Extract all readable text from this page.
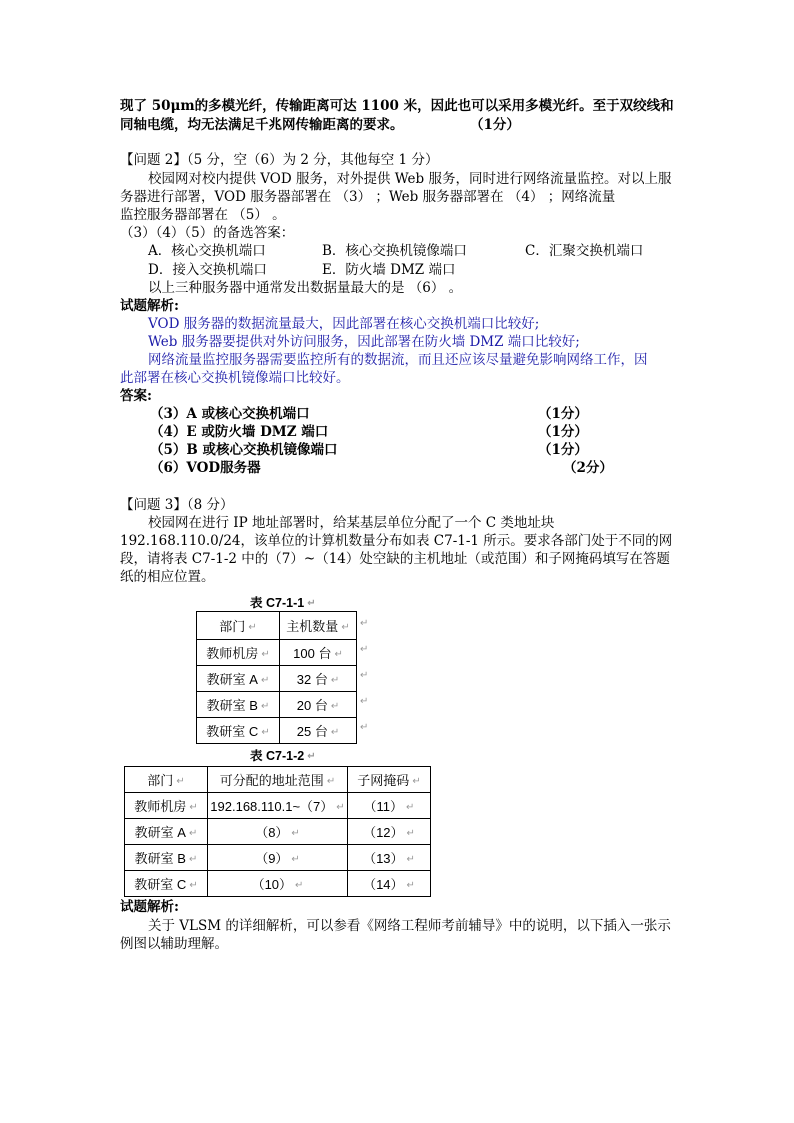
现了 50μm的多模光纤，传输距离可达 1100 米，因此也可以采用多模光纤。至于双绞线和
同轴电缆，均无法满足千兆网传输距离的要求。	（1分）
【问题 2】（5 分，空（6）为 2 分，其他每空 1 分）
校园网对校内提供 VOD 服务，对外提供 Web 服务，同时进行网络流量监控。对以上服
务器进行部署，VOD 服务器部署在 （3） ；Web 服务器部署在 （4） ；网络流量
监控服务器部署在 （5） 。
（3）（4）（5）的备选答案：
A．核心交换机端口	B．核心交换机镜像端口	C．汇聚交换机端口
D．接入交换机端口	E．防火墙 DMZ 端口
以上三种服务器中通常发出数据量最大的是 （6） 。
试题解析:
VOD 服务器的数据流量最大，因此部署在核心交换机端口比较好;
Web 服务器要提供对外访问服务，因此部署在防火墙 DMZ 端口比较好;
网络流量监控服务器需要监控所有的数据流，而且还应该尽量避免影响网络工作，因
此部署在核心交换机镜像端口比较好。
答案:
（3）A 或核心交换机端口	（1分）
（4）E 或防火墙 DMZ 端口	（1分）
（5）B 或核心交换机镜像端口	（1分）
（6）VOD服务器	（2分）
【问题 3】（8 分）
校园网在进行 IP 地址部署时，给某基层单位分配了一个 C 类地址块
192.168.110.0/24，该单位的计算机数量分布如表 C7-1-1 所示。要求各部门处于不同的网
段，请将表 C7-1-2 中的（7）~（14）处空缺的主机地址（或范围）和子网掩码填写在答题
纸的相应位置。
表 C7-1-1 ↵
部门 ↵	主机数量 ↵
教师机房 ↵	100 台 ↵
教研室 A ↵	32 台 ↵
教研室 B ↵	20 台 ↵
教研室 C ↵	25 台 ↵
↵
↵
↵
↵
↵
表 C7-1-2 ↵
部门 ↵	可分配的地址范围 ↵	子网掩码 ↵
教师机房 ↵	192.168.110.1~（7） ↵	（11） ↵
教研室 A ↵	（8） ↵	（12） ↵
教研室 B ↵	（9） ↵	（13） ↵
教研室 C ↵	（10） ↵	（14） ↵
试题解析:
关于 VLSM 的详细解析，可以参看《网络工程师考前辅导》中的说明，以下插入一张示
例图以辅助理解。
